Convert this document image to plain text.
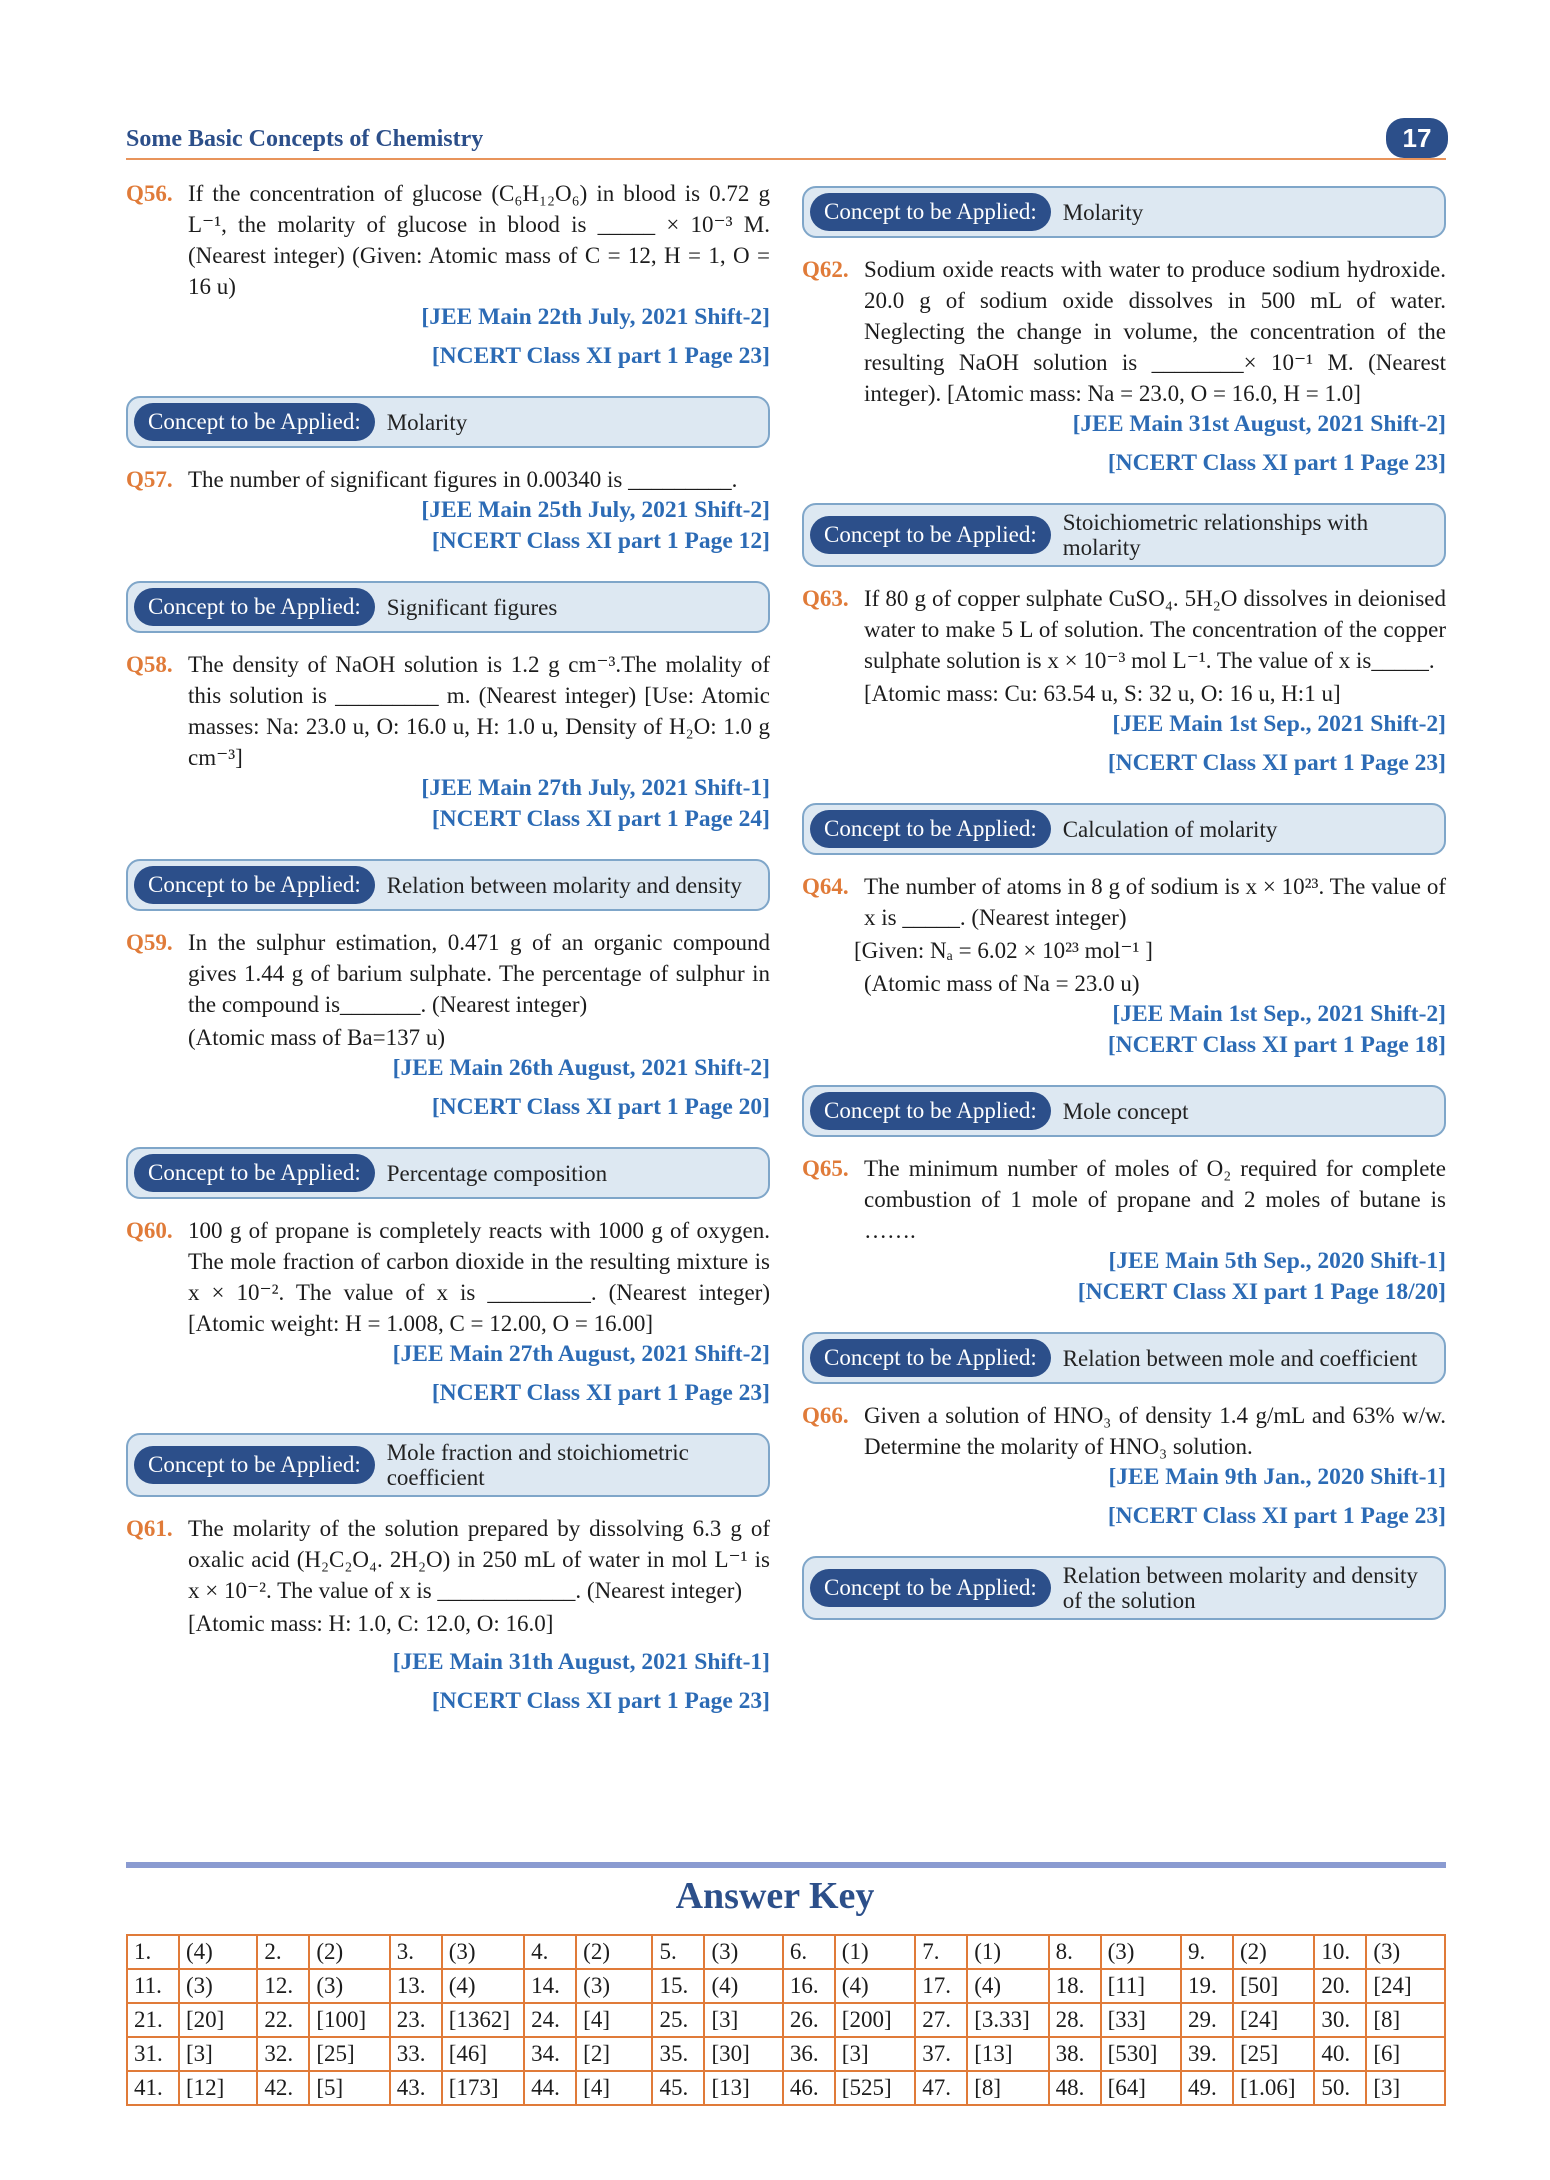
Some Basic Concepts of Chemistry	17
Q56. If the concentration of glucose (C₆H₁₂O₆) in blood is 0.72 g L⁻¹, the molarity of glucose in blood is _____ × 10⁻³ M. (Nearest integer) (Given: Atomic mass of C = 12, H = 1, O = 16 u)
[JEE Main 22th July, 2021 Shift-2]
[NCERT Class XI part 1 Page 23]
Concept to be Applied:	Molarity
Q57. The number of significant figures in 0.00340 is _________.
[JEE Main 25th July, 2021 Shift-2]
[NCERT Class XI part 1 Page 12]
Concept to be Applied:	Significant figures
Q58. The density of NaOH solution is 1.2 g cm⁻³.The molality of this solution is _________ m. (Nearest integer) [Use: Atomic masses: Na: 23.0 u, O: 16.0 u, H: 1.0 u, Density of H₂O: 1.0 g cm⁻³]
[JEE Main 27th July, 2021 Shift-1]
[NCERT Class XI part 1 Page 24]
Concept to be Applied:	Relation between molarity and density
Q59. In the sulphur estimation, 0.471 g of an organic compound gives 1.44 g of barium sulphate. The percentage of sulphur in the compound is_______. (Nearest integer)
(Atomic mass of Ba=137 u)
[JEE Main 26th August, 2021 Shift-2]
[NCERT Class XI part 1 Page 20]
Concept to be Applied:	Percentage composition
Q60. 100 g of propane is completely reacts with 1000 g of oxygen. The mole fraction of carbon dioxide in the resulting mixture is x × 10⁻². The value of x is _________. (Nearest integer) [Atomic weight: H = 1.008, C = 12.00, O = 16.00]
[JEE Main 27th August, 2021 Shift-2]
[NCERT Class XI part 1 Page 23]
Concept to be Applied:	Mole fraction and stoichiometric coefficient
Q61. The molarity of the solution prepared by dissolving 6.3 g of oxalic acid (H₂C₂O₄. 2H₂O) in 250 mL of water in mol L⁻¹ is x × 10⁻². The value of x is ____________. (Nearest integer)
[Atomic mass: H: 1.0, C: 12.0, O: 16.0]
[JEE Main 31th August, 2021 Shift-1]
[NCERT Class XI part 1 Page 23]
Concept to be Applied:	Molarity
Q62. Sodium oxide reacts with water to produce sodium hydroxide. 20.0 g of sodium oxide dissolves in 500 mL of water. Neglecting the change in volume, the concentration of the resulting NaOH solution is ________× 10⁻¹ M. (Nearest integer). [Atomic mass: Na = 23.0, O = 16.0, H = 1.0]
[JEE Main 31st August, 2021 Shift-2]
[NCERT Class XI part 1 Page 23]
Concept to be Applied:	Stoichiometric relationships with molarity
Q63. If 80 g of copper sulphate CuSO₄. 5H₂O dissolves in deionised water to make 5 L of solution. The concentration of the copper sulphate solution is x × 10⁻³ mol L⁻¹. The value of x is_____.
[Atomic mass: Cu: 63.54 u, S: 32 u, O: 16 u, H:1 u]
[JEE Main 1st Sep., 2021 Shift-2]
[NCERT Class XI part 1 Page 23]
Concept to be Applied:	Calculation of molarity
Q64. The number of atoms in 8 g of sodium is x × 10²³. The value of x is _____. (Nearest integer)
[Given: Nₐ = 6.02 × 10²³ mol⁻¹ ]
(Atomic mass of Na = 23.0 u)
[JEE Main 1st Sep., 2021 Shift-2]
[NCERT Class XI part 1 Page 18]
Concept to be Applied:	Mole concept
Q65. The minimum number of moles of O₂ required for complete combustion of 1 mole of propane and 2 moles of butane is …….
[JEE Main 5th Sep., 2020 Shift-1]
[NCERT Class XI part 1 Page 18/20]
Concept to be Applied:	Relation between mole and coefficient
Q66. Given a solution of HNO₃ of density 1.4 g/mL and 63% w/w. Determine the molarity of HNO₃ solution.
[JEE Main 9th Jan., 2020 Shift-1]
[NCERT Class XI part 1 Page 23]
Concept to be Applied:	Relation between molarity and density of the solution
Answer Key
1.	(4)	2.	(2)	3.	(3)	4.	(2)	5.	(3)	6.	(1)	7.	(1)	8.	(3)	9.	(2)	10.	(3)
11.	(3)	12.	(3)	13.	(4)	14.	(3)	15.	(4)	16.	(4)	17.	(4)	18.	[11]	19.	[50]	20.	[24]
21.	[20]	22.	[100]	23.	[1362]	24.	[4]	25.	[3]	26.	[200]	27.	[3.33]	28.	[33]	29.	[24]	30.	[8]
31.	[3]	32.	[25]	33.	[46]	34.	[2]	35.	[30]	36.	[3]	37.	[13]	38.	[530]	39.	[25]	40.	[6]
41.	[12]	42.	[5]	43.	[173]	44.	[4]	45.	[13]	46.	[525]	47.	[8]	48.	[64]	49.	[1.06]	50.	[3]
